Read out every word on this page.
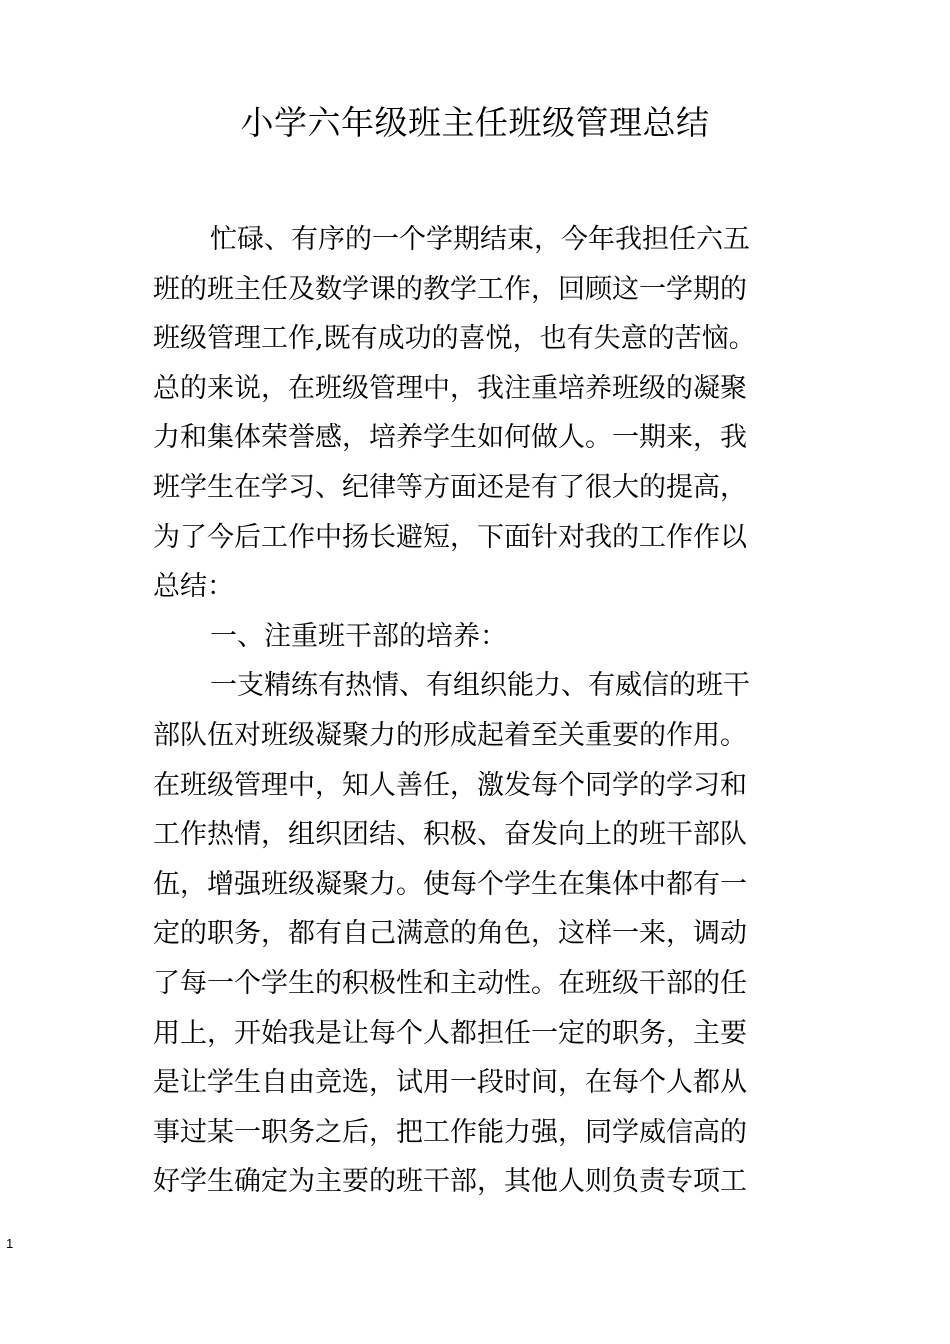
小学六年级班主任班级管理总结
忙碌、有序的一个学期结束，今年我担任六五
班的班主任及数学课的教学工作，回顾这一学期的
班级管理工作,既有成功的喜悦，也有失意的苦恼。
总的来说，在班级管理中，我注重培养班级的凝聚
力和集体荣誉感，培养学生如何做人。一期来，我
班学生在学习、纪律等方面还是有了很大的提高，
为了今后工作中扬长避短，下面针对我的工作作以
总结：
一、注重班干部的培养：
一支精练有热情、有组织能力、有威信的班干
部队伍对班级凝聚力的形成起着至关重要的作用。
在班级管理中，知人善任，激发每个同学的学习和
工作热情，组织团结、积极、奋发向上的班干部队
伍，增强班级凝聚力。使每个学生在集体中都有一
定的职务，都有自己满意的角色，这样一来，调动
了每一个学生的积极性和主动性。在班级干部的任
用上，开始我是让每个人都担任一定的职务，主要
是让学生自由竞选，试用一段时间，在每个人都从
事过某一职务之后，把工作能力强，同学威信高的
好学生确定为主要的班干部，其他人则负责专项工
1
